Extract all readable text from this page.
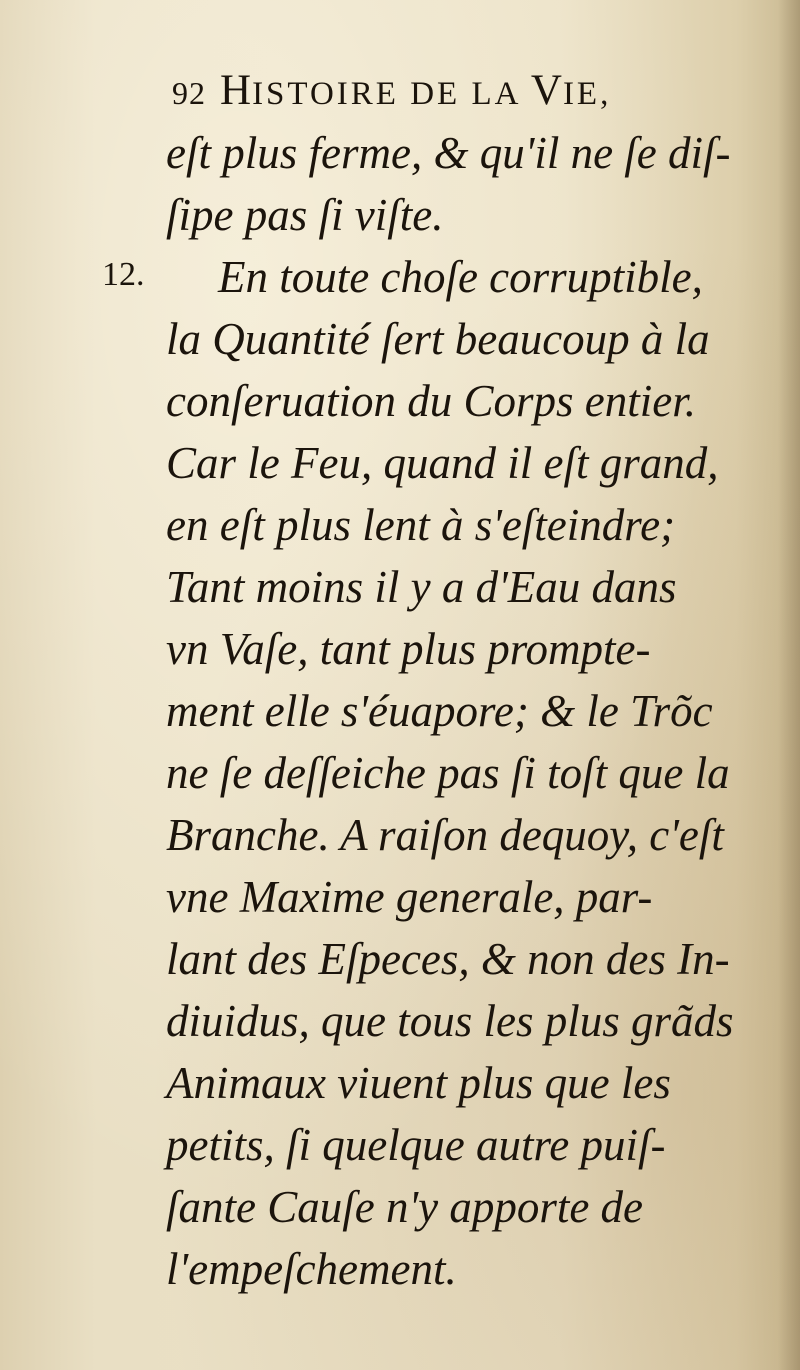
92 HISTOIRE DE LA VIE,
12.
eſt plus ferme, & qu'il ne ſe diſ-
ſipe pas ſi viſte.
En toute choſe corruptible,
la Quantité ſert beaucoup à la
conſeruation du Corps entier.
Car le Feu, quand il eſt grand,
en eſt plus lent à s'eſteindre;
Tant moins il y a d'Eau dans
vn Vaſe, tant plus prompte-
ment elle s'éuapore; & le Trõc
ne ſe deſſeiche pas ſi toſt que la
Branche. A raiſon dequoy, c'eſt
vne Maxime generale, par-
lant des Eſpeces, & non des In-
diuidus, que tous les plus grãds
Animaux viuent plus que les
petits, ſi quelque autre puiſ-
ſante Cauſe n'y apporte de
l'empeſchement.
